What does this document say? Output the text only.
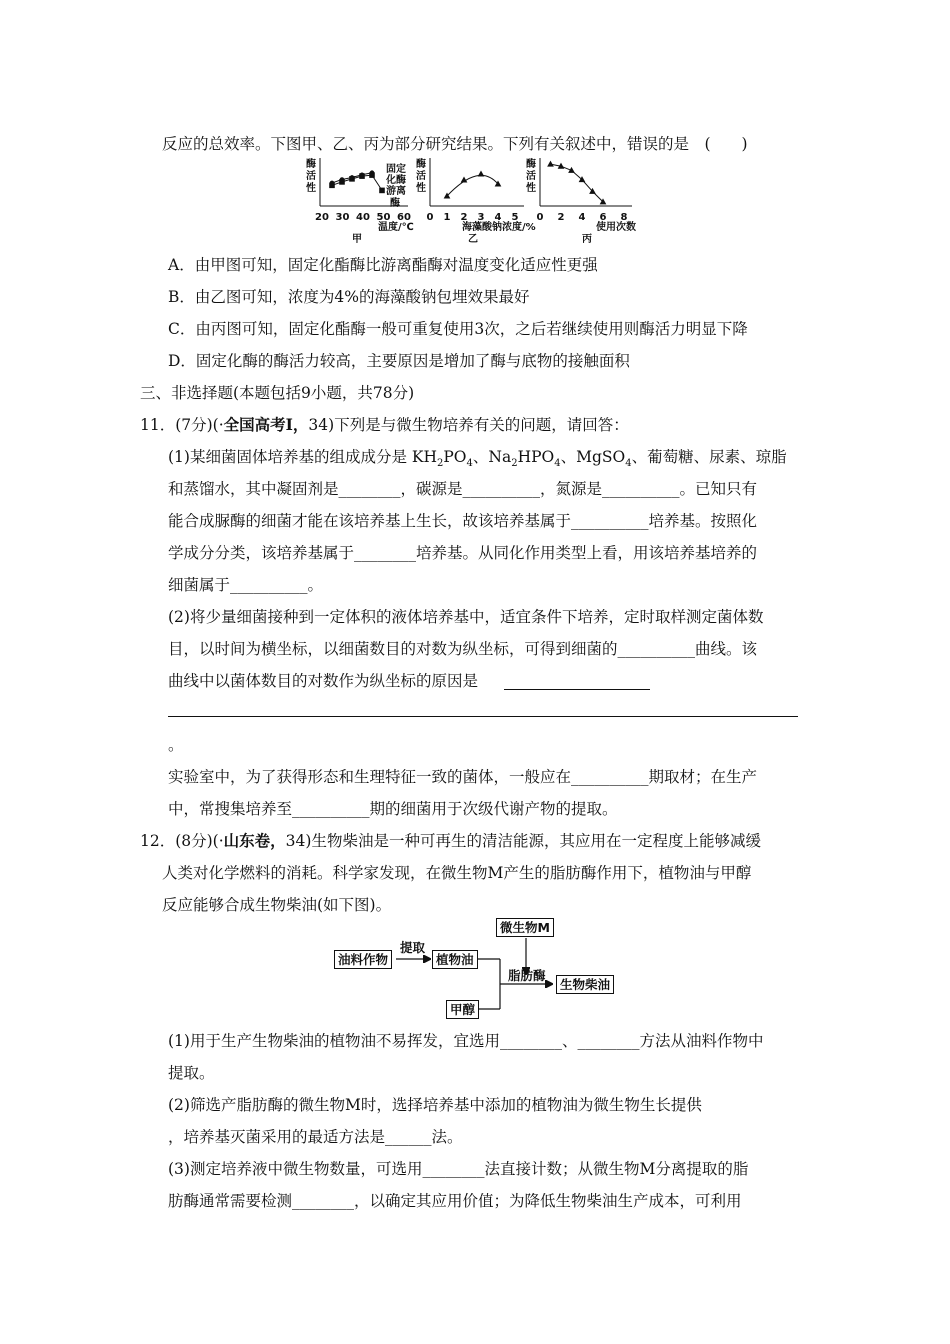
反应的总效率。下图甲、乙、丙为部分研究结果。下列有关叙述中，错误的是　(　　)
酶
活
性
固定
化酶
游离
酶
20 30 40 50 60
温度/℃
甲
酶
活
性
0 1 2 3 4 5
海藻酸钠浓度/%
乙
酶
活
性
0 2 4 6 8
使用次数
丙
A．由甲图可知，固定化酯酶比游离酯酶对温度变化适应性更强
B．由乙图可知，浓度为4%的海藻酸钠包埋效果最好
C．由丙图可知，固定化酯酶一般可重复使用3次，之后若继续使用则酶活力明显下降
D．固定化酶的酶活力较高，主要原因是增加了酶与底物的接触面积
三、非选择题(本题包括9小题，共78分)
11．(7分)(·全国高考Ⅰ，34)下列是与微生物培养有关的问题，请回答：
(1)某细菌固体培养基的组成成分是 $KH_2PO_4$、$Na_2HPO_4$、MgSO$_4$、葡萄糖、尿素、琼脂
和蒸馏水，其中凝固剂是________，碳源是__________，氮源是__________。已知只有
能合成脲酶的细菌才能在该培养基上生长，故该培养基属于__________培养基。按照化
学成分分类，该培养基属于________培养基。从同化作用类型上看，用该培养基培养的
细菌属于__________。
(2)将少量细菌接种到一定体积的液体培养基中，适宜条件下培养，定时取样测定菌体数
目，以时间为横坐标，以细菌数目的对数为纵坐标，可得到细菌的__________曲线。该
曲线中以菌体数目的对数作为纵坐标的原因是
。
实验室中，为了获得形态和生理特征一致的菌体，一般应在__________期取材；在生产
中，常搜集培养至__________期的细菌用于次级代谢产物的提取。
12．(8分)(·山东卷，34)生物柴油是一种可再生的清洁能源，其应用在一定程度上能够减缓
人类对化学燃料的消耗。科学家发现，在微生物M产生的脂肪酶作用下，植物油与甲醇
反应能够合成生物柴油(如下图)。
油料作物
提取
植物油
微生物M
脂肪酶
生物柴油
甲醇
(1)用于生产生物柴油的植物油不易挥发，宜选用________、________方法从油料作物中
提取。
(2)筛选产脂肪酶的微生物M时，选择培养基中添加的植物油为微生物生长提供
，培养基灭菌采用的最适方法是______法。
(3)测定培养液中微生物数量，可选用________法直接计数；从微生物M分离提取的脂
肪酶通常需要检测________，以确定其应用价值；为降低生物柴油生产成本，可利用
